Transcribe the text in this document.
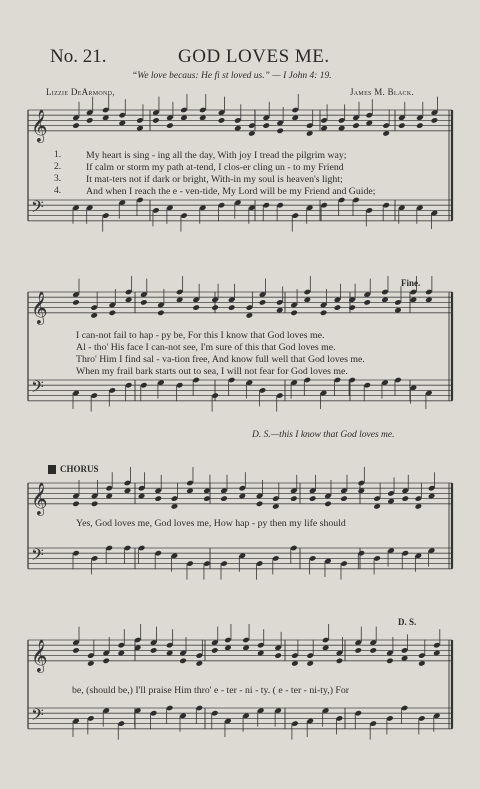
𝄞
𝄢
𝄞
𝄢
𝄞
𝄢
𝄞
𝄢
No. 21.	GOD LOVES ME.
“We love becaus: He fi st loved us.” — I John 4: 19.
Lizzie DeArmond,	James M. Black.
1.	My heart is sing - ing all the day, With joy I tread the pilgrim way;
2.	If calm or storm my path at-tend, I clos-er cling un - to my Friend
3.	It mat-ters not if dark or bright, With-in my soul is heaven's light;
4.	And when I reach the e - ven-tide, My Lord will be my Friend and Guide;
Fine.
I can-not fail to hap - py be, For this I know that God loves me.
Al - tho' His face I can-not see, I'm sure of this that God loves me.
Thro' Him I find sal - va-tion free, And know full well that God loves me.
When my frail bark starts out to sea, I will not fear for God loves me.
D. S.—this I know that God loves me.
CHORUS
Yes, God loves me, God loves me, How hap - py then my life should
D. S.
be, (should be,) I'll praise Him thro' e - ter - ni - ty. ( e - ter - ni-ty,) For
